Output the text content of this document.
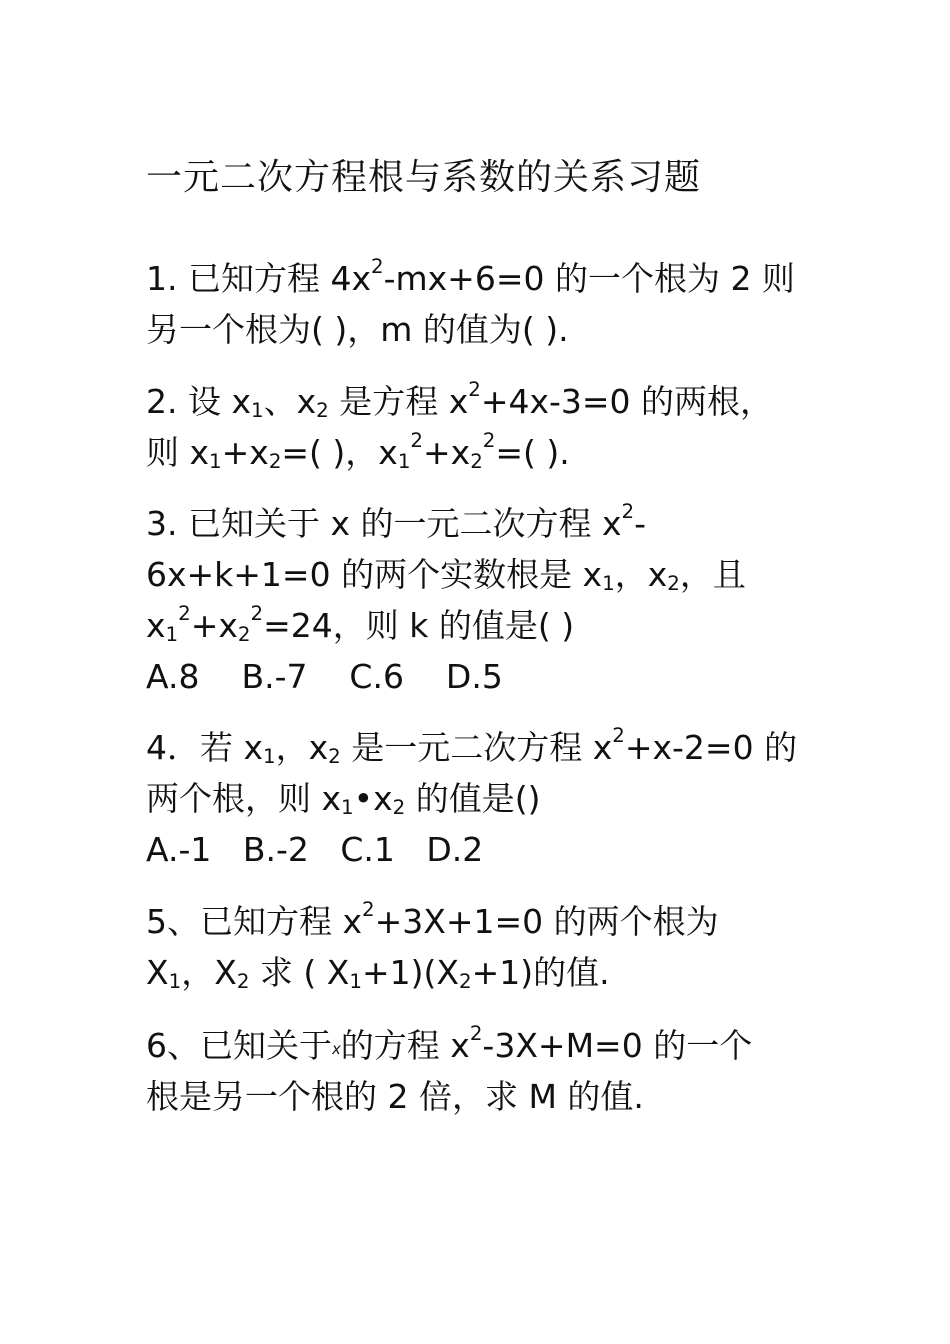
一元二次方程根与系数的关系习题
1. 已知方程 $4x^2-mx+6=0$ 的一个根为 2 则
另一个根为( )，m 的值为( ).
2. 设 $x_1$、$x_2$ 是方程 $x^2+4x-3=0$ 的两根，
则 $x_1+x_2=$( )，$x_1^2+x_2^2=$( ).
3. 已知关于 x 的一元二次方程 $x^2-$
6x+k+1=0 的两个实数根是 $x_1$，$x_2$，且
$x_1^2+x_2^2=24$，则 k 的值是( )
A.8    B.-7    C.6    D.5
4．若 $x_1$，$x_2$ 是一元二次方程 $x^2+x-2=0$ 的
两个根，则 $x_1•x_2$ 的值是()
A.-1   B.-2   C.1   D.2
5、已知方程 $x^2+3X+1=0$ 的两个根为
$X_1$，$X_2$ 求 ( $X_1+1)(X_2+1)$的值.
6、已知关于x的方程 $x^2-3X+M=0$ 的一个
根是另一个根的 2 倍，求 M 的值.
